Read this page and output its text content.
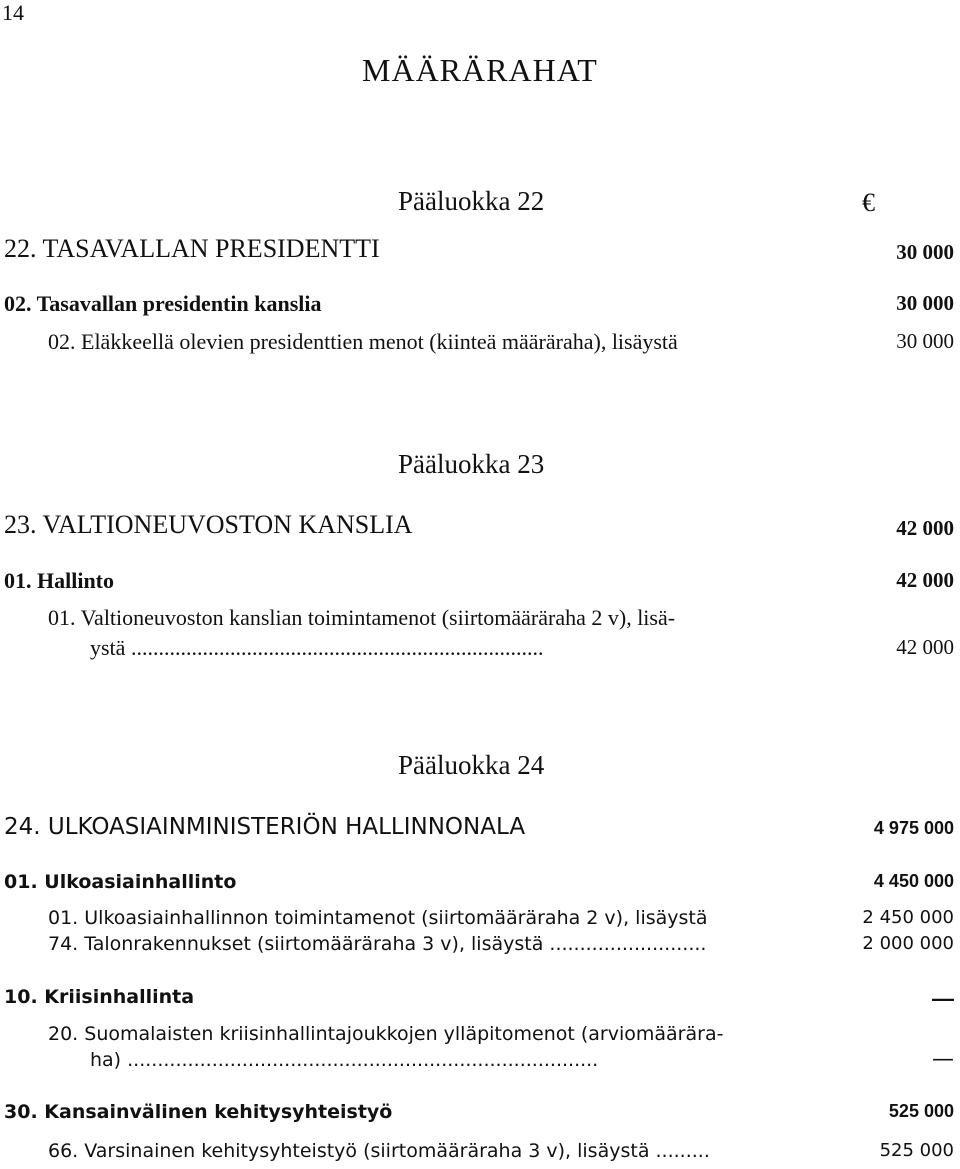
14
MÄÄRÄRAHAT
Pääluokka 22	€
22. TASAVALLAN PRESIDENTTI	30 000
02. Tasavallan presidentin kanslia	30 000
02. Eläkkeellä olevien presidenttien menot (kiinteä määräraha), lisäystä	30 000
Pääluokka 23
23. VALTIONEUVOSTON KANSLIA	42 000
01. Hallinto	42 000
01. Valtioneuvoston kanslian toimintamenot (siirtomääräraha 2 v), lisä-
ystä ...........................................................................	42 000
Pääluokka 24
24. ULKOASIAINMINISTERIÖN HALLINNONALA	4 975 000
01. Ulkoasiainhallinto	4 450 000
01. Ulkoasiainhallinnon toimintamenot (siirtomääräraha 2 v), lisäystä	2 450 000
74. Talonrakennukset (siirtomääräraha 3 v), lisäystä ..........................	2 000 000
10. Kriisinhallinta	—
20. Suomalaisten kriisinhallintajoukkojen ylläpitomenot (arviomäärära-
ha) ..............................................................................	—
30. Kansainvälinen kehitysyhteistyö	525 000
66. Varsinainen kehitysyhteistyö (siirtomääräraha 3 v), lisäystä .........	525 000
